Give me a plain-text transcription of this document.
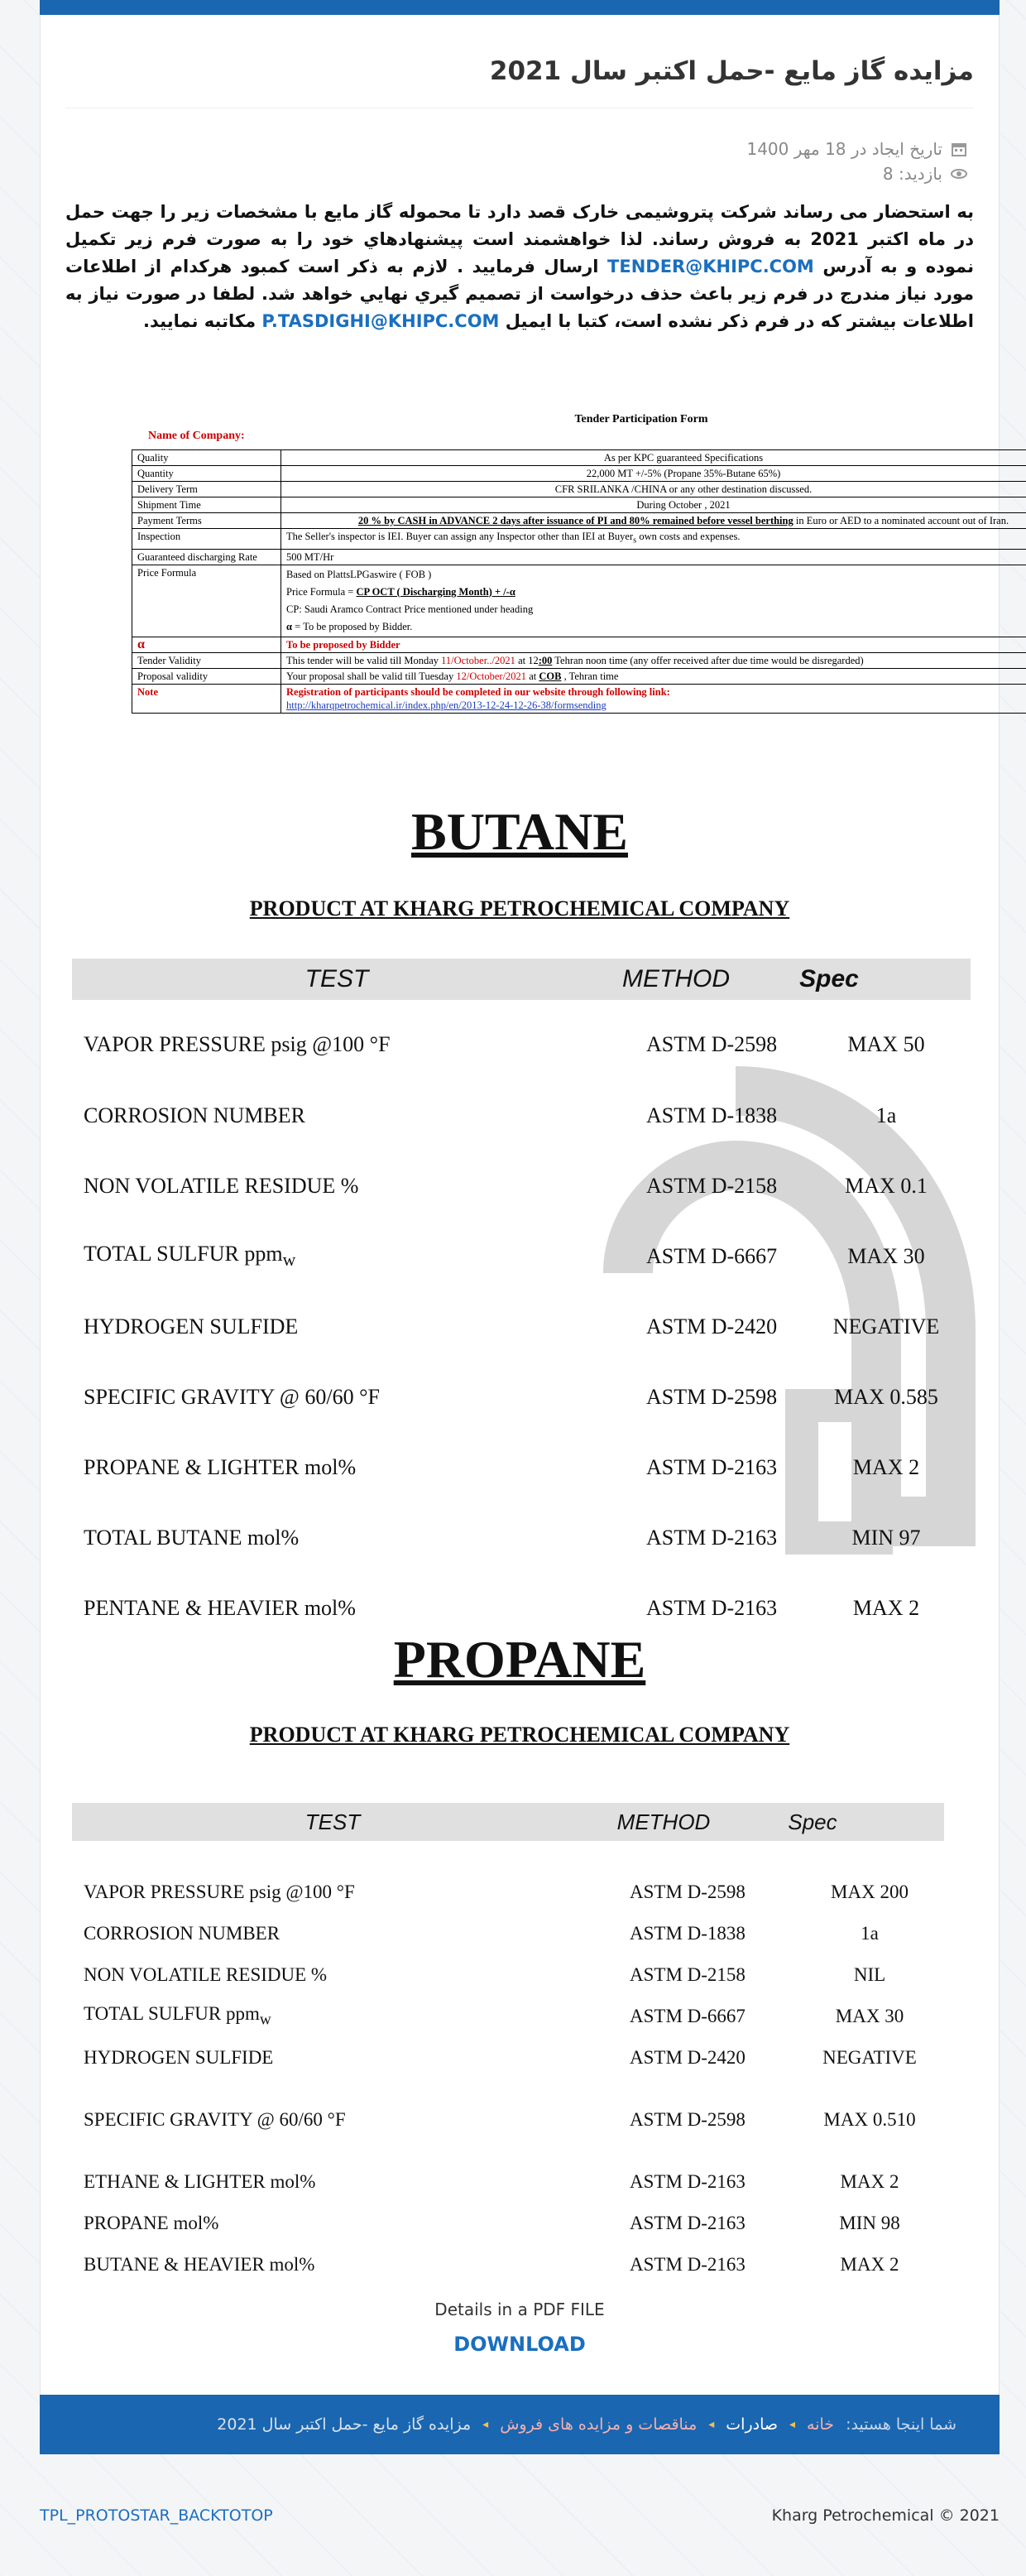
مزایده گاز مایع -حمل اکتبر سال 2021
تاریخ ایجاد در 18 مهر 1400
بازدید: 8

به استحضار می رساند شرکت پتروشیمی خارک قصد دارد تا محموله گاز مایع با مشخصات زیر را جهت حمل در ماه اکتبر 2021 به فروش رساند. لذا خواهشمند است پیشنهادهاي خود را به صورت فرم زیر تکمیل نموده و به آدرس TENDER@KHIPC.COM ارسال فرمایید . لازم به ذکر است کمبود هرکدام از اطلاعات مورد نیاز مندرج در فرم زیر باعث حذف درخواست از تصمیم گیري نهایي خواهد شد. لطفا در صورت نیاز به اطلاعات بیشتر که در فرم ذکر نشده است، کتبا با ایمیل P.TASDIGHI@KHIPC.COM مکاتبه نمایید.

Tender Participation Form
Name of Company:
Quality	As per KPC guaranteed Specifications
Quantity	22,000 MT +/-5% (Propane 35%-Butane 65%)
Delivery Term	CFR SRILANKA /CHINA or any other destination discussed.
Shipment Time	During October , 2021
Payment Terms	20 % by CASH in ADVANCE 2 days after issuance of PI and 80% remained before vessel berthing in Euro or AED to a nominated account out of Iran.
Inspection	The Seller's inspector is IEI. Buyer can assign any Inspector other than IEI at Buyer$_s$ own costs and expenses.
Guaranteed discharging Rate	500 MT/Hr
Price Formula	Based on PlattsLPGaswire ( FOB )
Price Formula = CP OCT ( Discharging Month) + /-α
CP: Saudi Aramco Contract Price mentioned under heading
α = To be proposed by Bidder.

α	To be proposed by Bidder
Tender Validity	This tender will be valid till Monday 11/October../2021 at 12:00 Tehran noon time (any offer received after due time would be disregarded)
Proposal validity	Your proposal shall be valid till Tuesday 12/October/2021 at COB , Tehran time
Note	Registration of participants should be completed in our website through following link:
http://kharqpetrochemical.ir/index.php/en/2013-12-24-12-26-38/formsending
BUTANE
PRODUCT AT KHARG PETROCHEMICAL COMPANY
TEST	METHOD	Spec
VAPOR PRESSURE psig @100 °F	ASTM D-2598	MAX 50
CORROSION NUMBER	ASTM D-1838	1a
NON VOLATILE RESIDUE %	ASTM D-2158	MAX 0.1
TOTAL SULFUR ppm$_w$	ASTM D-6667	MAX 30
HYDROGEN SULFIDE	ASTM D-2420	NEGATIVE
SPECIFIC GRAVITY @ 60/60 °F	ASTM D-2598	MAX 0.585
PROPANE & LIGHTER mol%	ASTM D-2163	MAX 2
TOTAL BUTANE mol%	ASTM D-2163	MIN 97
PENTANE & HEAVIER mol%	ASTM D-2163	MAX 2
PROPANE
PRODUCT AT KHARG PETROCHEMICAL COMPANY
TEST	METHOD	Spec
VAPOR PRESSURE psig @100 °F	ASTM D-2598	MAX 200
CORROSION NUMBER	ASTM D-1838	1a
NON VOLATILE RESIDUE %	ASTM D-2158	NIL
TOTAL SULFUR ppm$_w$	ASTM D-6667	MAX 30
HYDROGEN SULFIDE	ASTM D-2420	NEGATIVE
SPECIFIC GRAVITY @ 60/60 °F	ASTM D-2598	MAX 0.510
ETHANE & LIGHTER mol%	ASTM D-2163	MAX 2
PROPANE mol%	ASTM D-2163	MIN 98
BUTANE & HEAVIER mol%	ASTM D-2163	MAX 2
Details in a PDF FILE
DOWNLOAD
شما اینجا هستید:
خانه
◂
صادرات
◂
مناقصات و مزایده های فروش
◂
مزایده گاز مایع -حمل اکتبر سال 2021
TPL_PROTOSTAR_BACKTOTOP	Kharg Petrochemical © 2021
